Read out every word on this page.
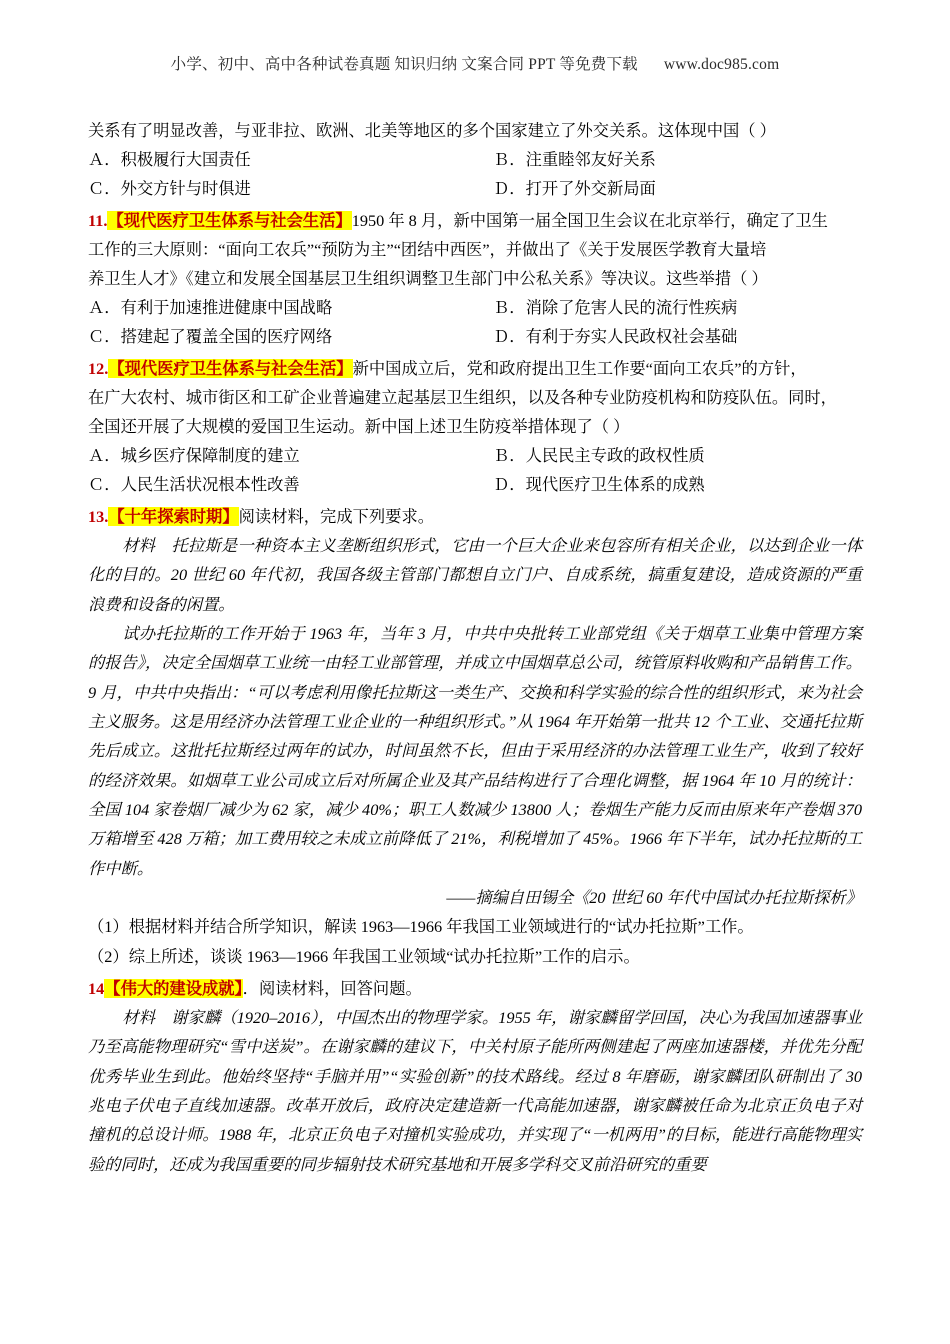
小学、初中、高中各种试卷真题 知识归纳 文案合同 PPT 等免费下载 www.doc985.com

关系有了明显改善，与亚非拉、欧洲、北美等地区的多个国家建立了外交关系。这体现中国（ ）

Ａ．积极履行大国责任	Ｂ．注重睦邻友好关系
Ｃ．外交方针与时俱进	Ｄ．打开了外交新局面

11.【现代医疗卫生体系与社会生活】1950 年 8 月，新中国第一届全国卫生会议在北京举行，确定了卫生

工作的三大原则：“面向工农兵”“预防为主”“团结中西医”，并做出了《关于发展医学教育大量培

养卫生人才》《建立和发展全国基层卫生组织调整卫生部门中公私关系》等决议。这些举措（ ）

Ａ．有利于加速推进健康中国战略	Ｂ．消除了危害人民的流行性疾病
Ｃ．搭建起了覆盖全国的医疗网络	Ｄ．有利于夯实人民政权社会基础

12.【现代医疗卫生体系与社会生活】新中国成立后，党和政府提出卫生工作要“面向工农兵”的方针，

在广大农村、城市街区和工矿企业普遍建立起基层卫生组织，以及各种专业防疫机构和防疫队伍。同时，

全国还开展了大规模的爱国卫生运动。新中国上述卫生防疫举措体现了（ ）

Ａ．城乡医疗保障制度的建立	Ｂ．人民民主专政的政权性质
Ｃ．人民生活状况根本性改善	Ｄ．现代医疗卫生体系的成熟

13.【十年探索时期】阅读材料，完成下列要求。

材料　托拉斯是一种资本主义垄断组织形式，它由一个巨大企业来包容所有相关企业，以达到企业一体化的目的。20 世纪 60 年代初，我国各级主管部门都想自立门户、自成系统，搞重复建设，造成资源的严重浪费和设备的闲置。

试办托拉斯的工作开始于 1963 年，当年 3 月，中共中央批转工业部党组《关于烟草工业集中管理方案的报告》，决定全国烟草工业统一由轻工业部管理，并成立中国烟草总公司，统管原料收购和产品销售工作。9 月，中共中央指出：“可以考虑利用像托拉斯这一类生产、交换和科学实验的综合性的组织形式，来为社会主义服务。这是用经济办法管理工业企业的一种组织形式。”从 1964 年开始第一批共 12 个工业、交通托拉斯先后成立。这批托拉斯经过两年的试办，时间虽然不长，但由于采用经济的办法管理工业生产，收到了较好的经济效果。如烟草工业公司成立后对所属企业及其产品结构进行了合理化调整，据 1964 年 10 月的统计：全国 104 家卷烟厂减少为 62 家，减少 40%；职工人数减少 13800 人；卷烟生产能力反而由原来年产卷烟 370 万箱增至 428 万箱；加工费用较之未成立前降低了 21%，利税增加了 45%。1966 年下半年，试办托拉斯的工作中断。

——摘编自田锡全《20 世纪 60 年代中国试办托拉斯探析》

（1）根据材料并结合所学知识，解读 1963—1966 年我国工业领域进行的“试办托拉斯”工作。

（2）综上所述，谈谈 1963—1966 年我国工业领域“试办托拉斯”工作的启示。

14【伟大的建设成就】．阅读材料，回答问题。

材料　谢家麟（1920–2016），中国杰出的物理学家。1955 年，谢家麟留学回国，决心为我国加速器事业乃至高能物理研究“雪中送炭”。在谢家麟的建议下，中关村原子能所两侧建起了两座加速器楼，并优先分配优秀毕业生到此。他始终坚持“手脑并用”“实验创新”的技术路线。经过 8 年磨砺，谢家麟团队研制出了 30 兆电子伏电子直线加速器。改革开放后，政府决定建造新一代高能加速器，谢家麟被任命为北京正负电子对撞机的总设计师。1988 年，北京正负电子对撞机实验成功，并实现了“一机两用”的目标，能进行高能物理实验的同时，还成为我国重要的同步辐射技术研究基地和开展多学科交叉前沿研究的重要
